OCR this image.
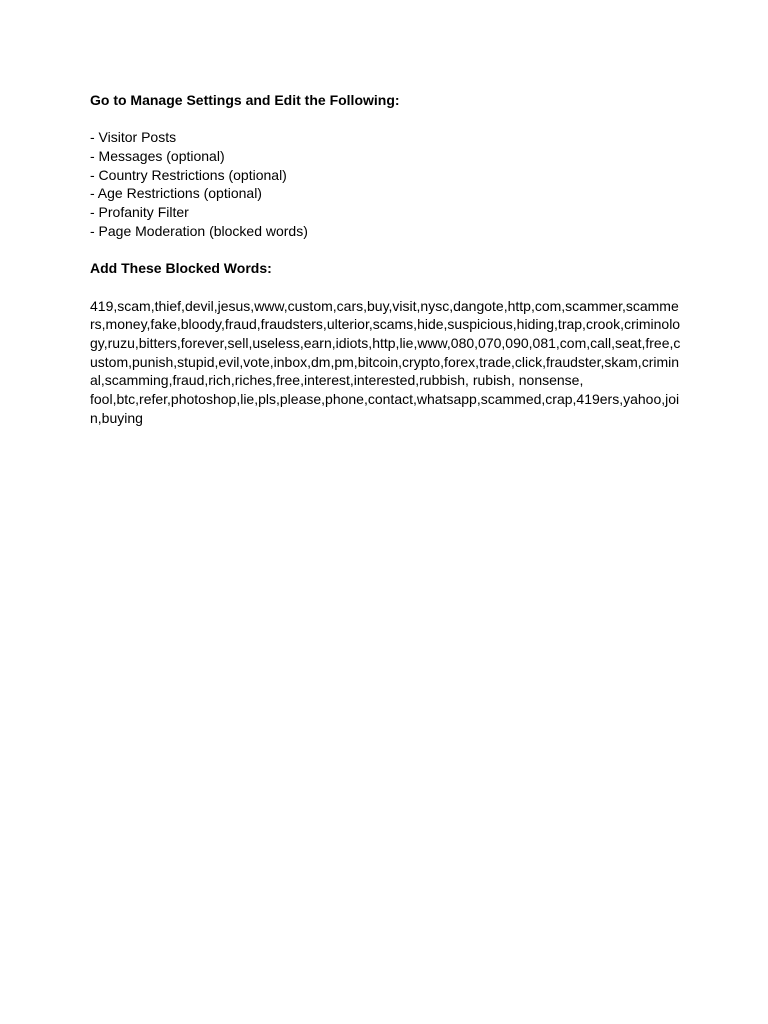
Go to Manage Settings and Edit the Following:

- Visitor Posts
- Messages (optional)
- Country Restrictions (optional)
- Age Restrictions (optional)
- Profanity Filter
- Page Moderation (blocked words)

Add These Blocked Words:

419,scam,thief,devil,jesus,www,custom,cars,buy,visit,nysc,dangote,http,com,scammer,scamme
rs,money,fake,bloody,fraud,fraudsters,ulterior,scams,hide,suspicious,hiding,trap,crook,criminolo
gy,ruzu,bitters,forever,sell,useless,earn,idiots,http,lie,www,080,070,090,081,com,call,seat,free,c
ustom,punish,stupid,evil,vote,inbox,dm,pm,bitcoin,crypto,forex,trade,click,fraudster,skam,crimin
al,scamming,fraud,rich,riches,free,interest,interested,rubbish, rubish, nonsense,
fool,btc,refer,photoshop,lie,pls,please,phone,contact,whatsapp,scammed,crap,419ers,yahoo,joi
n,buying
